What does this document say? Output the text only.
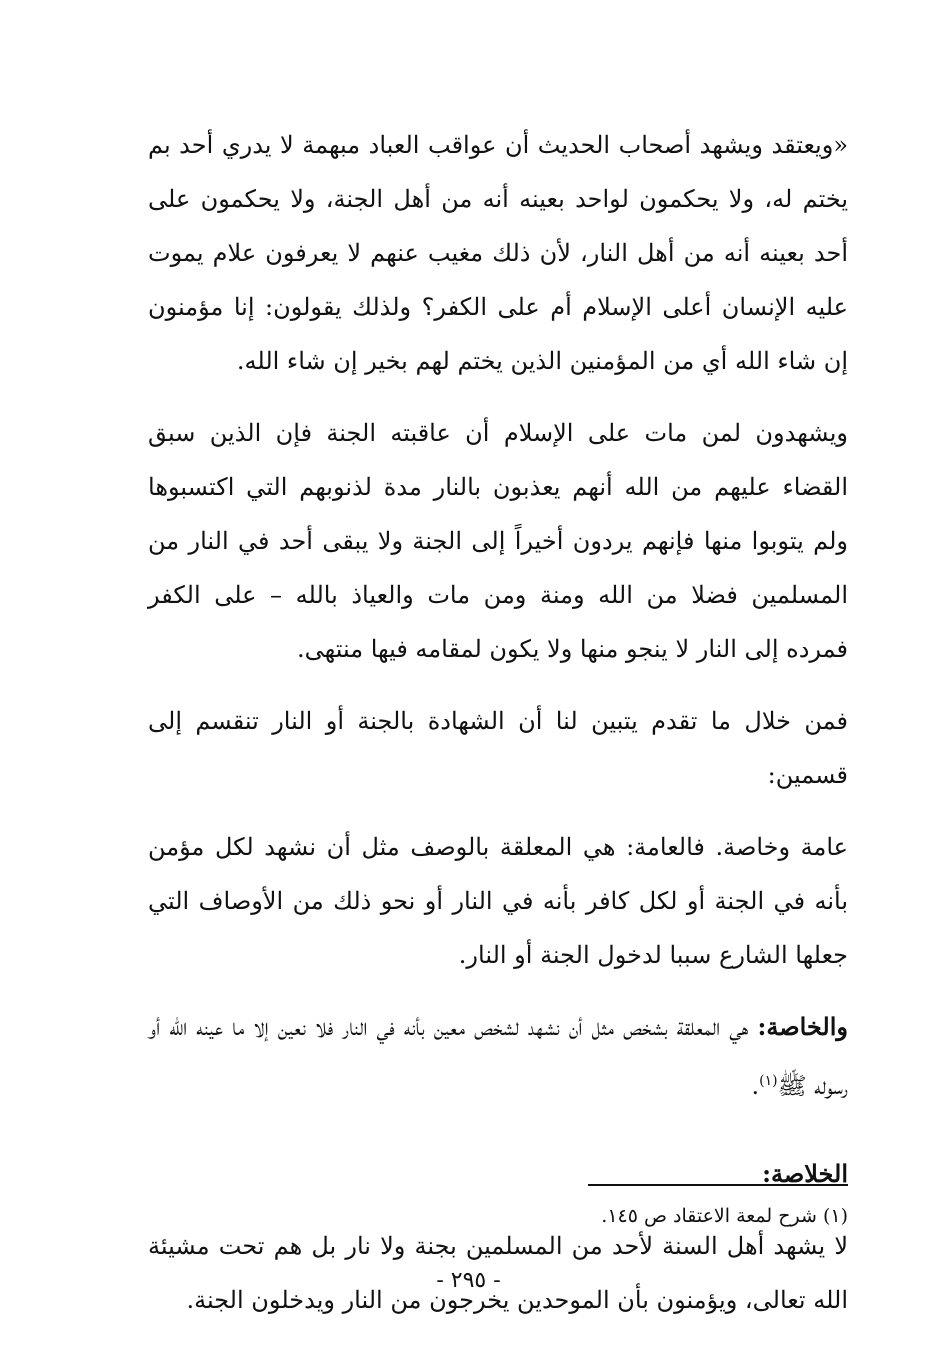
«ويعتقد ويشهد أصحاب الحديث أن عواقب العباد مبهمة لا يدري أحد بم يختم له، ولا يحكمون لواحد بعينه أنه من أهل الجنة، ولا يحكمون على أحد بعينه أنه من أهل النار، لأن ذلك مغيب عنهم لا يعرفون علام يموت عليه الإنسان أعلى الإسلام أم على الكفر؟ ولذلك يقولون: إنا مؤمنون إن شاء الله أي من المؤمنين الذين يختم لهم بخير إن شاء الله.

ويشهدون لمن مات على الإسلام أن عاقبته الجنة فإن الذين سبق القضاء عليهم من الله أنهم يعذبون بالنار مدة لذنوبهم التي اكتسبوها ولم يتوبوا منها فإنهم يردون أخيراً إلى الجنة ولا يبقى أحد في النار من المسلمين فضلا من الله ومنة ومن مات والعياذ بالله – على الكفر فمرده إلى النار لا ينجو منها ولا يكون لمقامه فيها منتهى.

فمن خلال ما تقدم يتبين لنا أن الشهادة بالجنة أو النار تنقسم إلى قسمين:

عامة وخاصة. فالعامة: هي المعلقة بالوصف مثل أن نشهد لكل مؤمن بأنه في الجنة أو لكل كافر بأنه في النار أو نحو ذلك من الأوصاف التي جعلها الشارع سببا لدخول الجنة أو النار.

والخاصة: هي المعلقة بشخص مثل أن نشهد لشخص معين بأنه في النار فلا نعين إلا ما عينه الله أو رسوله ﷺ$^{(١)}$.

الخلاصة:

لا يشهد أهل السنة لأحد من المسلمين بجنة ولا نار بل هم تحت مشيئة الله تعالى، ويؤمنون بأن الموحدين يخرجون من النار ويدخلون الجنة.

(١) شرح لمعة الاعتقاد ص ١٤٥.
- ٢٩٥ -
